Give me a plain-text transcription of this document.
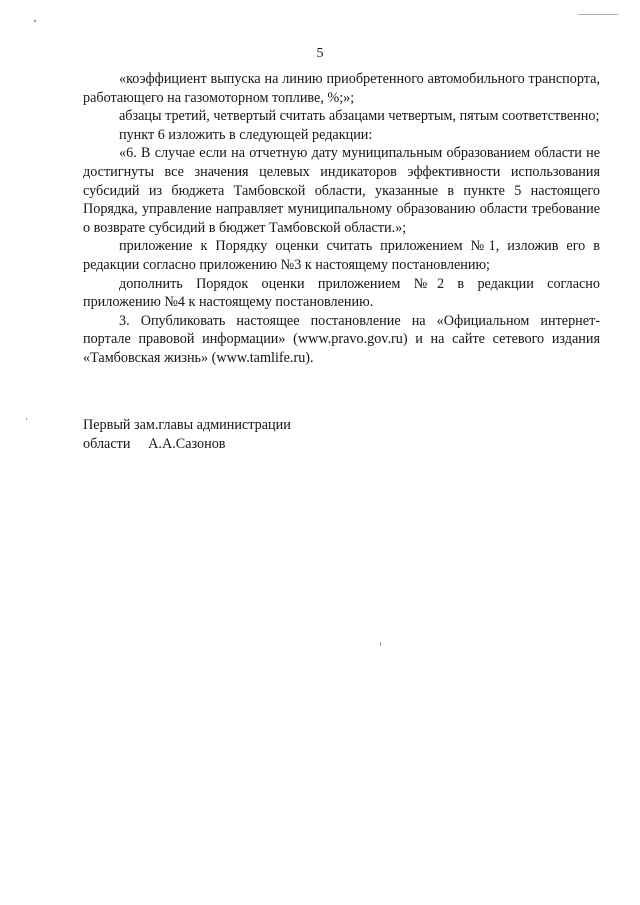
5

«коэффициент выпуска на линию приобретенного автомобильного транспорта, работающего на газомоторном топливе, %;»;

абзацы третий, четвертый считать абзацами четвертым, пятым соответственно;

пункт 6 изложить в следующей редакции:

«6. В случае если на отчетную дату муниципальным образованием области не достигнуты все значения целевых индикаторов эффективности использования субсидий из бюджета Тамбовской области, указанные в пункте 5 настоящего Порядка, управление направляет муниципальному образованию области требование о возврате субсидий в бюджет Тамбовской области.»;

приложение к Порядку оценки считать приложением №1, изложив его в редакции согласно приложению №3 к настоящему постановлению;

дополнить Порядок оценки приложением №2 в редакции согласно приложению №4 к настоящему постановлению.

3. Опубликовать настоящее постановление на «Официальном интернет-портале правовой информации» (www.pravo.gov.ru) и на сайте сетевого издания «Тамбовская жизнь» (www.tamlife.ru).

Первый зам.главы администрации
области     А.А.Сазонов
